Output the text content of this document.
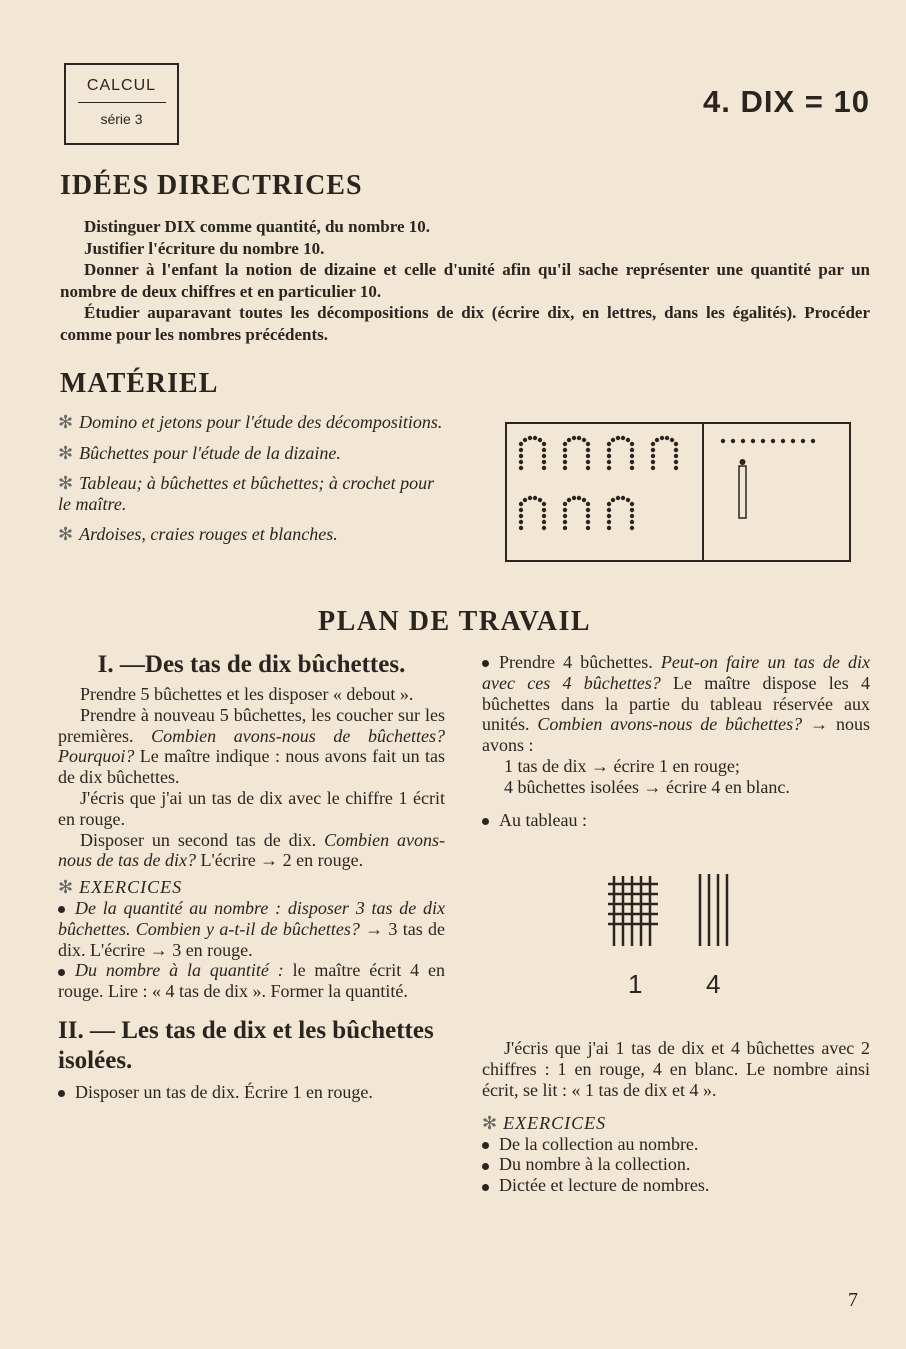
CALCUL
série 3	4. DIX = 10
IDÉES DIRECTRICES

Distinguer DIX comme quantité, du nombre 10.

Justifier l'écriture du nombre 10.

Donner à l'enfant la notion de dizaine et celle d'unité afin qu'il sache représenter une quantité par un nombre de deux chiffres et en particulier 10.

Étudier auparavant toutes les décompositions de dix (écrire dix, en lettres, dans les égalités). Procéder comme pour les nombres précédents.

MATÉRIEL

✻ Domino et jetons pour l'étude des décompositions.

✻ Bûchettes pour l'étude de la dizaine.

✻ Tableau; à bûchettes et bûchettes; à crochet pour le maître.

✻ Ardoises, craies rouges et blanches.

PLAN DE TRAVAIL
I. —Des tas de dix bûchettes.

Prendre 5 bûchettes et les disposer « debout ».

Prendre à nouveau 5 bûchettes, les coucher sur les premières. Combien avons-nous de bûchettes? Pourquoi? Le maître indique : nous avons fait un tas de dix bûchettes.

J'écris que j'ai un tas de dix avec le chiffre 1 écrit en rouge.

Disposer un second tas de dix. Combien avons-nous de tas de dix? L'écrire → 2 en rouge.

✻ EXERCICES

De la quantité au nombre : disposer 3 tas de dix bûchettes. Combien y a-t-il de bûchettes? → 3 tas de dix. L'écrire → 3 en rouge.

Du nombre à la quantité : le maître écrit 4 en rouge. Lire : « 4 tas de dix ». Former la quantité.

II. — Les tas de dix et les bûchettes isolées.

Disposer un tas de dix. Écrire 1 en rouge.

Prendre 4 bûchettes. Peut-on faire un tas de dix avec ces 4 bûchettes? Le maître dispose les 4 bûchettes dans la partie du tableau réservée aux unités. Combien avons-nous de bûchettes? → nous avons :

1 tas de dix → écrire 1 en rouge;

4 bûchettes isolées → écrire 4 en blanc.

Au tableau :

1 4

J'écris que j'ai 1 tas de dix et 4 bûchettes avec 2 chiffres : 1 en rouge, 4 en blanc. Le nombre ainsi écrit, se lit : « 1 tas de dix et 4 ».

✻ EXERCICES

De la collection au nombre.

Du nombre à la collection.

Dictée et lecture de nombres.

7
